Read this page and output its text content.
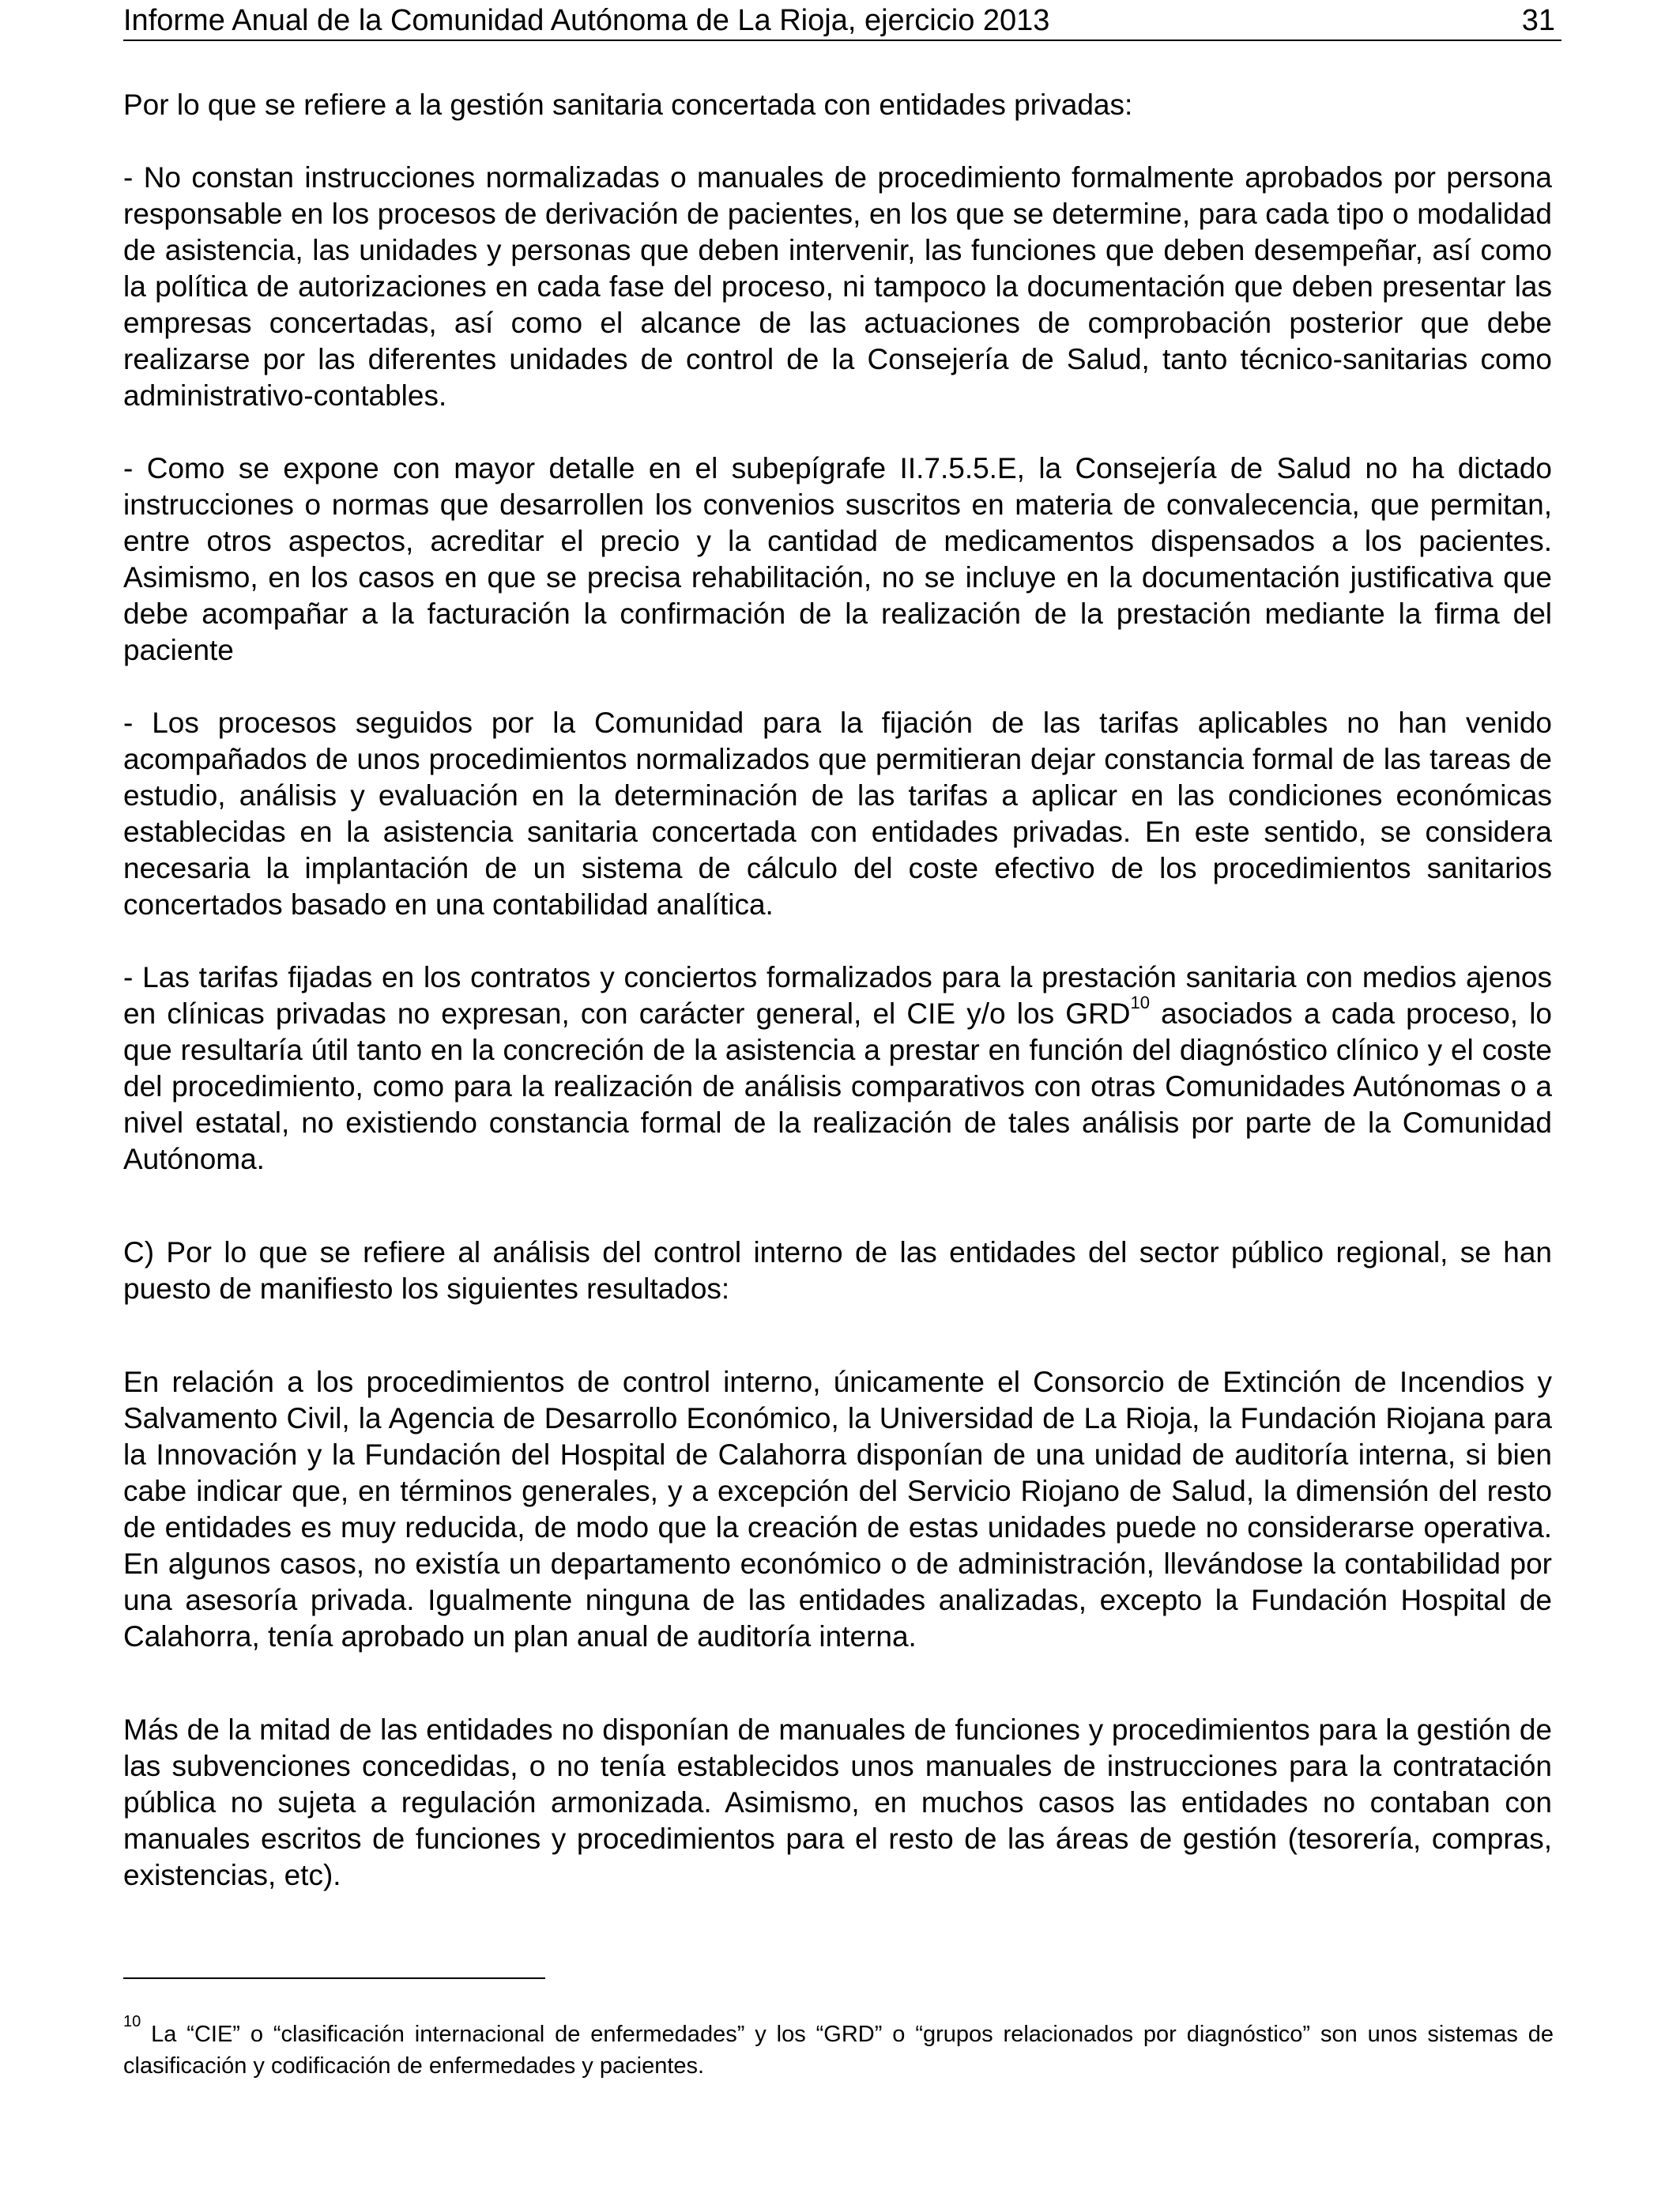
Informe Anual de la Comunidad Autónoma de La Rioja, ejercicio 2013	31

Por lo que se refiere a la gestión sanitaria concertada con entidades privadas:

- No constan instrucciones normalizadas o manuales de procedimiento formalmente aprobados por persona responsable en los procesos de derivación de pacientes, en los que se determine, para cada tipo o modalidad de asistencia, las unidades y personas que deben intervenir, las funciones que deben desempeñar, así como la política de autorizaciones en cada fase del proceso, ni tampoco la documentación que deben presentar las empresas concertadas, así como el alcance de las actuaciones de comprobación posterior que debe realizarse por las diferentes unidades de control de la Consejería de Salud, tanto técnico-sanitarias como administrativo-contables.

- Como se expone con mayor detalle en el subepígrafe II.7.5.5.E, la Consejería de Salud no ha dictado instrucciones o normas que desarrollen los convenios suscritos en materia de convalecencia, que permitan, entre otros aspectos, acreditar el precio y la cantidad de medicamentos dispensados a los pacientes. Asimismo, en los casos en que se precisa rehabilitación, no se incluye en la documentación justificativa que debe acompañar a la facturación la confirmación de la realización de la prestación mediante la firma del paciente

- Los procesos seguidos por la Comunidad para la fijación de las tarifas aplicables no han venido acompañados de unos procedimientos normalizados que permitieran dejar constancia formal de las tareas de estudio, análisis y evaluación en la determinación de las tarifas a aplicar en las condiciones económicas establecidas en la asistencia sanitaria concertada con entidades privadas. En este sentido, se considera necesaria la implantación de un sistema de cálculo del coste efectivo de los procedimientos sanitarios concertados basado en una contabilidad analítica.

- Las tarifas fijadas en los contratos y conciertos formalizados para la prestación sanitaria con medios ajenos en clínicas privadas no expresan, con carácter general, el CIE y/o los GRD$^{10}$ asociados a cada proceso, lo que resultaría útil tanto en la concreción de la asistencia a prestar en función del diagnóstico clínico y el coste del procedimiento, como para la realización de análisis comparativos con otras Comunidades Autónomas o a nivel estatal, no existiendo constancia formal de la realización de tales análisis por parte de la Comunidad Autónoma.

C) Por lo que se refiere al análisis del control interno de las entidades del sector público regional, se han puesto de manifiesto los siguientes resultados:

En relación a los procedimientos de control interno, únicamente el Consorcio de Extinción de Incendios y Salvamento Civil, la Agencia de Desarrollo Económico, la Universidad de La Rioja, la Fundación Riojana para la Innovación y la Fundación del Hospital de Calahorra disponían de una unidad de auditoría interna, si bien cabe indicar que, en términos generales, y a excepción del Servicio Riojano de Salud, la dimensión del resto de entidades es muy reducida, de modo que la creación de estas unidades puede no considerarse operativa. En algunos casos, no existía un departamento económico o de administración, llevándose la contabilidad por una asesoría privada. Igualmente ninguna de las entidades analizadas, excepto la Fundación Hospital de Calahorra, tenía aprobado un plan anual de auditoría interna.

Más de la mitad de las entidades no disponían de manuales de funciones y procedimientos para la gestión de las subvenciones concedidas, o no tenía establecidos unos manuales de instrucciones para la contratación pública no sujeta a regulación armonizada. Asimismo, en muchos casos las entidades no contaban con manuales escritos de funciones y procedimientos para el resto de las áreas de gestión (tesorería, compras, existencias, etc).

$^{10}$ La “CIE” o “clasificación internacional de enfermedades” y los “GRD” o “grupos relacionados por diagnóstico” son unos sistemas de clasificación y codificación de enfermedades y pacientes.
